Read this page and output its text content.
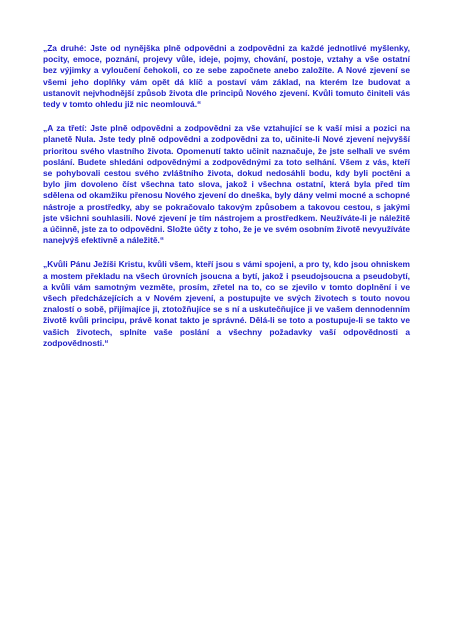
„Za druhé: Jste od nynějška plně odpovědni a zodpovědni za každé jednotlivé myšlenky, pocity, emoce, poznání, projevy vůle, ideje, pojmy, chování, postoje, vztahy a vše ostatní bez výjimky a vyloučení čehokoli, co ze sebe započnete anebo založíte. A Nové zjevení se všemi jeho doplňky vám opět dá klíč a postaví vám základ, na kterém lze budovat a ustanovit nejvhodnější způsob života dle principů Nového zjevení. Kvůli tomuto činiteli vás tedy v tomto ohledu již nic neomlouvá.“

„A za třetí: Jste plně odpovědni a zodpovědni za vše vztahující se k vaší misi a pozici na planetě Nula. Jste tedy plně odpovědni a zodpovědni za to, učinite-li Nové zjevení nejvyšší prioritou svého vlastního života. Opomenutí takto učinit naznačuje, že jste selhali ve svém poslání. Budete shledáni odpovědnými a zodpovědnými za toto selhání. Všem z vás, kteří se pohybovali cestou svého zvláštního života, dokud nedosáhli bodu, kdy byli poctěni a bylo jim dovoleno číst všechna tato slova, jakož i všechna ostatní, která byla před tím sdělena od okamžiku přenosu Nového zjevení do dneška, byly dány velmi mocné a schopné nástroje a prostředky, aby se pokračovalo takovým způsobem a takovou cestou, s jakými jste všichni souhlasili. Nové zjevení je tím nástrojem a prostředkem. Neužíváte-li je náležitě a účinně, jste za to odpovědni. Složte účty z toho, že je ve svém osobním životě nevyužíváte nanejvýš efektivně a náležitě.“

„Kvůli Pánu Ježíši Kristu, kvůli všem, kteří jsou s vámi spojeni, a pro ty, kdo jsou ohniskem a mostem překladu na všech úrovních jsoucna a bytí, jakož i pseudojsoucna a pseudobytí, a kvůli vám samotným vezměte, prosím, zřetel na to, co se zjevilo v tomto doplnění i ve všech předcházejících a v Novém zjevení, a postupujte ve svých životech s touto novou znalostí o sobě, přijímajíce ji, ztotožňujíce se s ní a uskutečňujíce ji ve vašem dennodenním životě kvůli principu, právě konat takto je správné. Dělá-li se toto a postupuje-li se takto ve vašich životech, splníte vaše poslání a všechny požadavky vaší odpovědnosti a zodpovědnosti.“
